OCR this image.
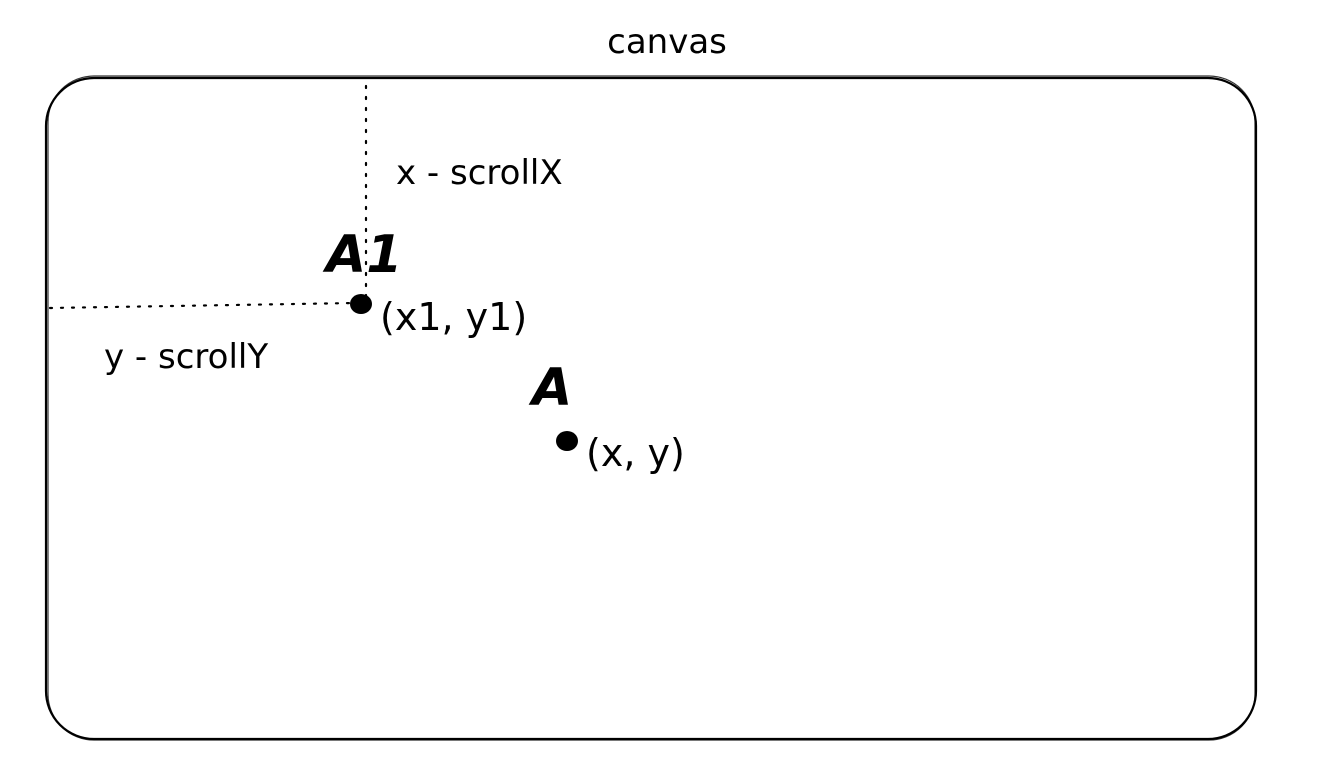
canvas
x - scrollX
y - scrollY
A1
(x1, y1)
A
(x, y)
